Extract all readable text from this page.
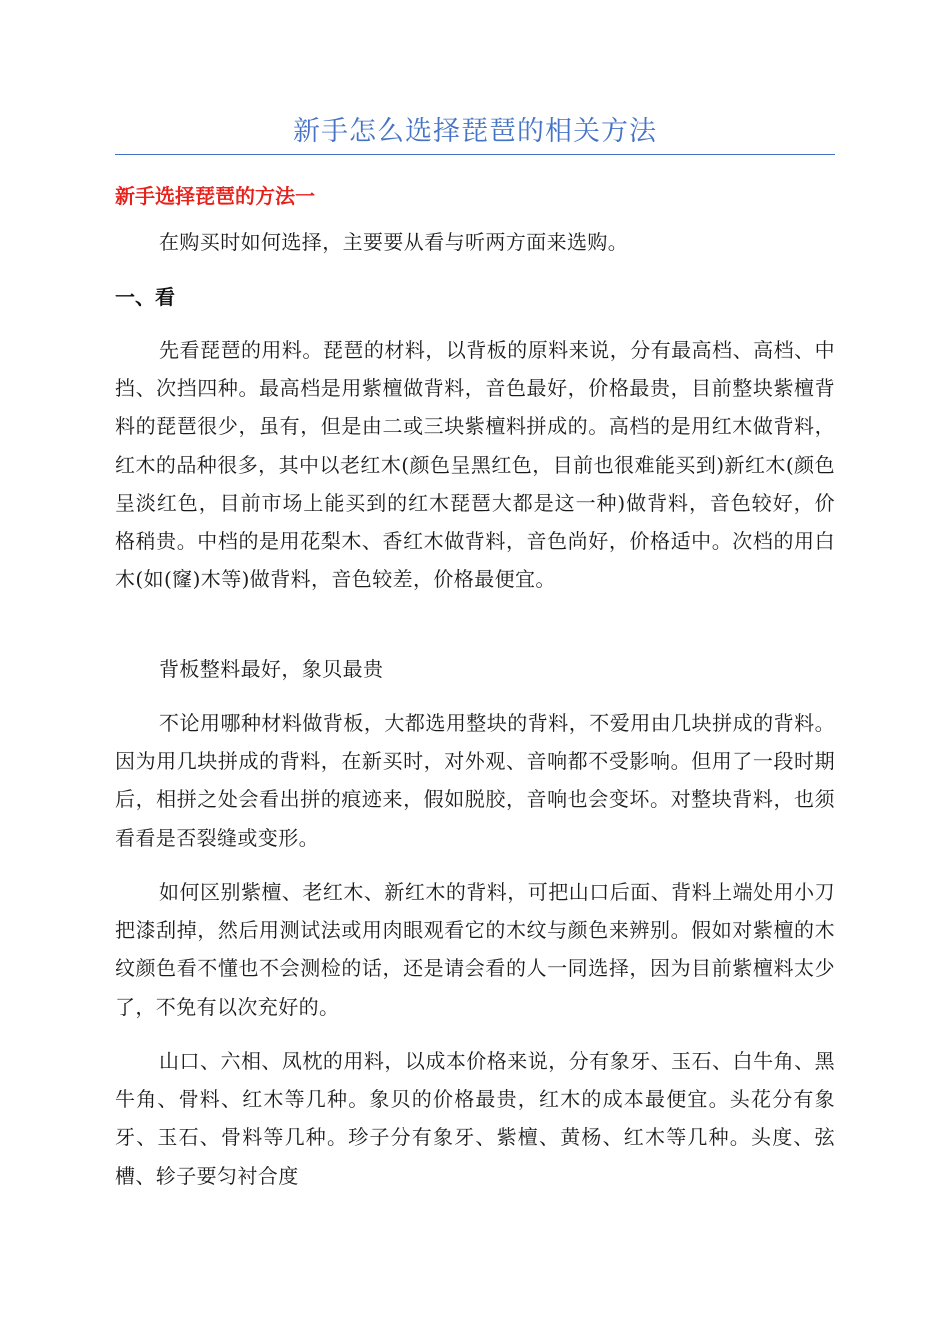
新手怎么选择琵琶的相关方法
新手选择琵琶的方法一

在购买时如何选择，主要要从看与听两方面来选购。

一、看

先看琵琶的用料。琵琶的材料，以背板的原料来说，分有最高档、高档、中挡、次挡四种。最高档是用紫檀做背料，音色最好，价格最贵，目前整块紫檀背料的琵琶很少，虽有，但是由二或三块紫檀料拼成的。高档的是用红木做背料，红木的品种很多，其中以老红木(颜色呈黑红色，目前也很难能买到)新红木(颜色呈淡红色，目前市场上能买到的红木琵琶大都是这一种)做背料，音色较好，价格稍贵。中档的是用花梨木、香红木做背料，音色尚好，价格适中。次档的用白木(如(窿)木等)做背料，音色较差，价格最便宜。

背板整料最好，象贝最贵

不论用哪种材料做背板，大都选用整块的背料，不爱用由几块拼成的背料。因为用几块拼成的背料，在新买时，对外观、音响都不受影响。但用了一段时期后，相拼之处会看出拼的痕迹来，假如脱胶，音响也会变坏。对整块背料，也须看看是否裂缝或变形。

如何区别紫檀、老红木、新红木的背料，可把山口后面、背料上端处用小刀把漆刮掉，然后用测试法或用肉眼观看它的木纹与颜色来辨别。假如对紫檀的木纹颜色看不懂也不会测检的话，还是请会看的人一同选择，因为目前紫檀料太少了，不免有以次充好的。

山口、六相、凤枕的用料，以成本价格来说，分有象牙、玉石、白牛角、黑牛角、骨料、红木等几种。象贝的价格最贵，红木的成本最便宜。头花分有象牙、玉石、骨料等几种。珍子分有象牙、紫檀、黄杨、红木等几种。头度、弦槽、轸子要匀衬合度
